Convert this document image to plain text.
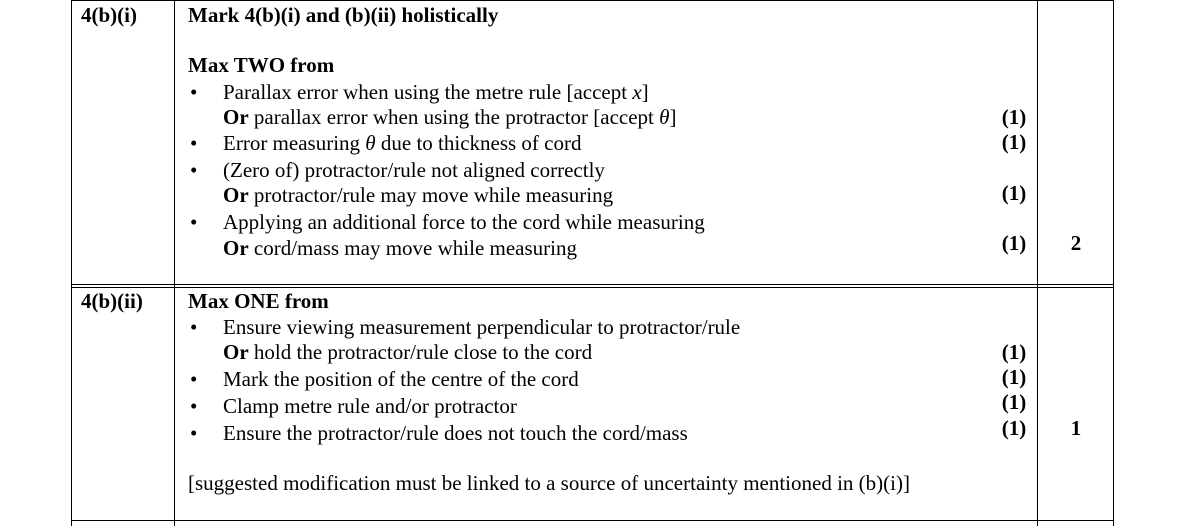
4(b)(i) Mark 4(b)(i) and (b)(ii) holistically
Max TWO from
• Parallax error when using the metre rule [accept x]
Or parallax error when using the protractor [accept θ]	(1)
• Error measuring θ due to thickness of cord	(1)
• (Zero of) protractor/rule not aligned correctly
Or protractor/rule may move while measuring	(1)
• Applying an additional force to the cord while measuring
Or cord/mass may move while measuring	(1)	2
4(b)(ii) Max ONE from
• Ensure viewing measurement perpendicular to protractor/rule
Or hold the protractor/rule close to the cord	(1)
• Mark the position of the centre of the cord	(1)
• Clamp metre rule and/or protractor	(1)
• Ensure the protractor/rule does not touch the cord/mass	(1)	1
[suggested modification must be linked to a source of uncertainty mentioned in (b)(i)]
